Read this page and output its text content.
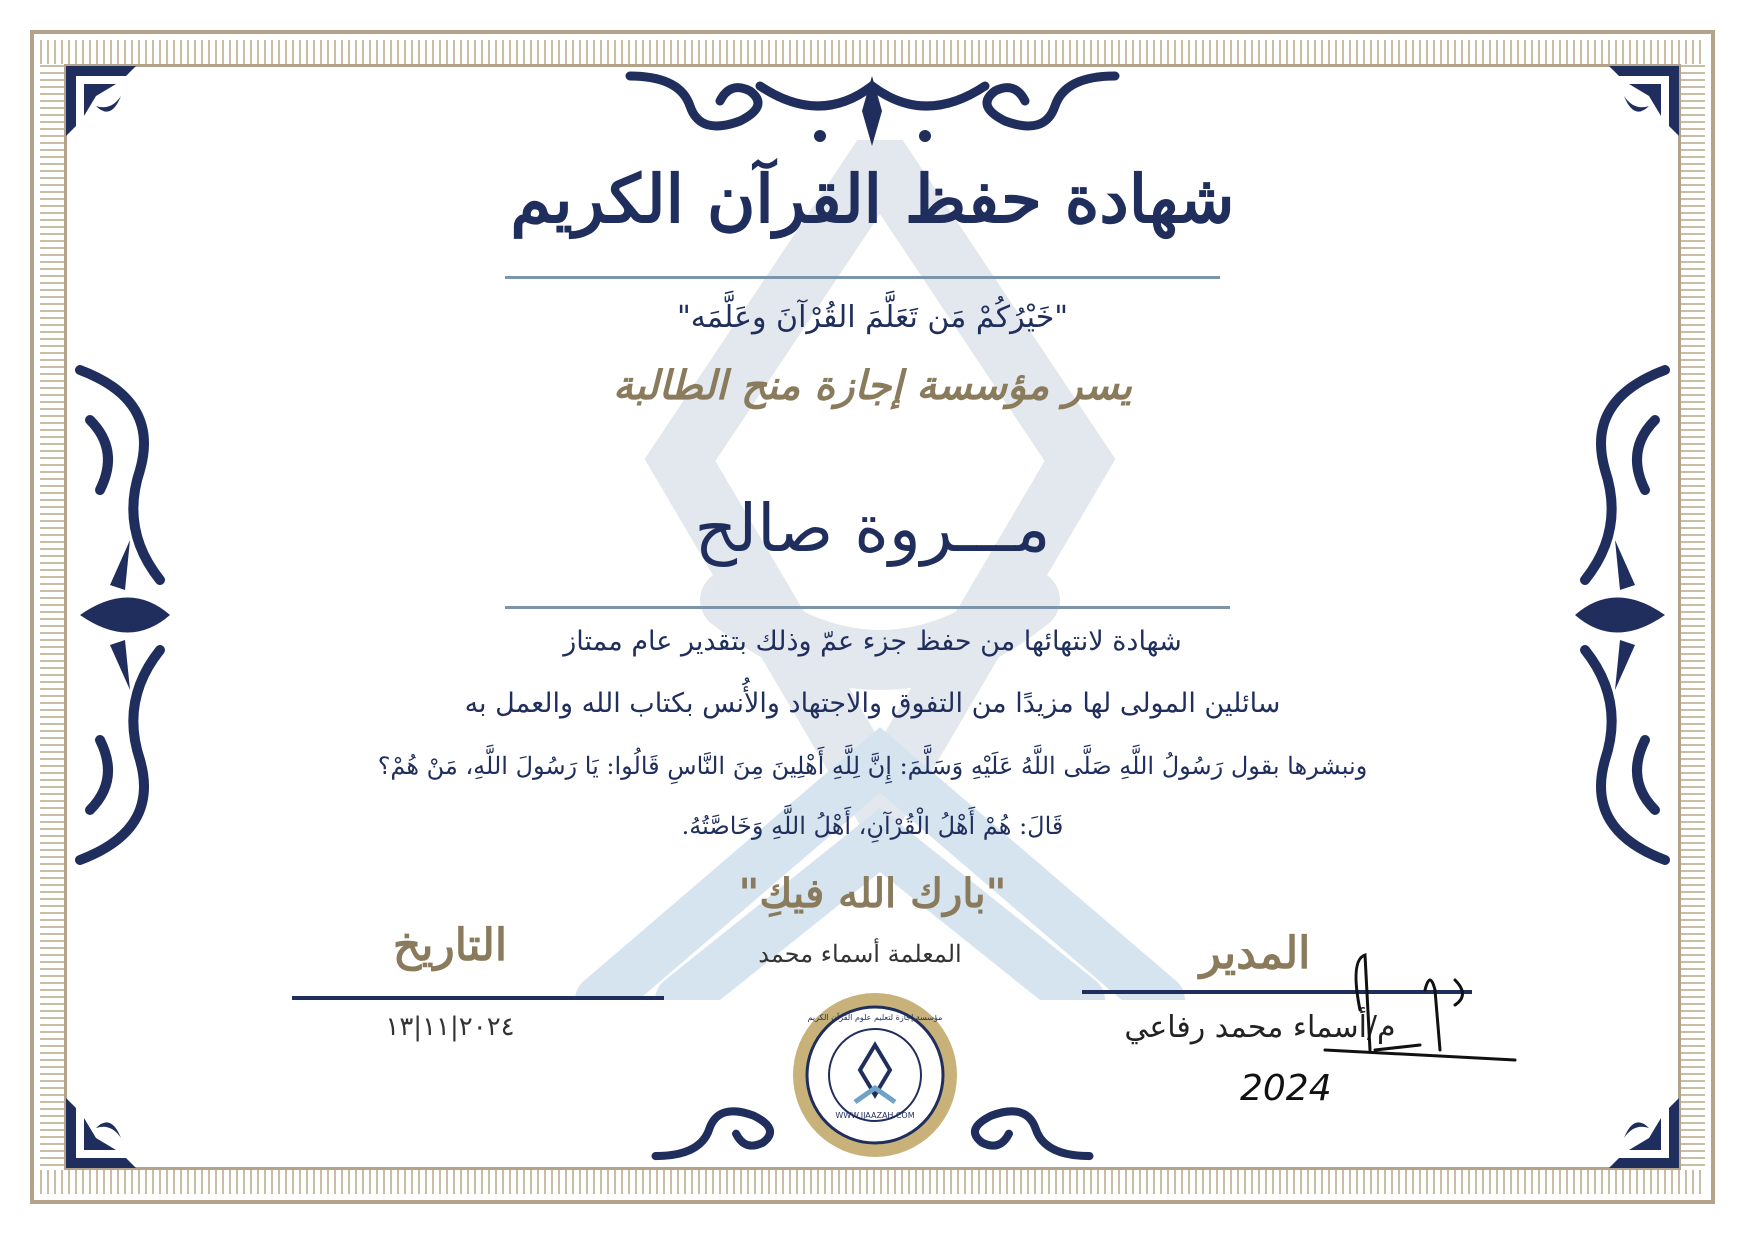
شهادة حفظ القرآن الكريم
"خَيْرُكُمْ مَن تَعَلَّمَ القُرْآنَ وعَلَّمَه"
يسر مؤسسة إجازة منح الطالبة
مـــروة صالح
شهادة لانتهائها من حفظ جزء عمّ وذلك بتقدير عام ممتاز
سائلين المولى لها مزيدًا من التفوق والاجتهاد والأُنس بكتاب الله والعمل به
ونبشرها بقول رَسُولُ اللَّهِ صَلَّى اللَّهُ عَلَيْهِ وَسَلَّمَ: إِنَّ لِلَّهِ أَهْلِينَ مِنَ النَّاسِ قَالُوا: يَا رَسُولَ اللَّهِ، مَنْ هُمْ؟
قَالَ: هُمْ أَهْلُ الْقُرْآنِ، أَهْلُ اللَّهِ وَخَاصَّتُهُ.
"بارك الله فيكِ"
التاريخ	المعلمة أسماء محمد	المدير
٢٠٢٤|١١|١٣	م/أسماء محمد رفاعي
2024
WWW.IJAAZAH.COM
مؤسسة إجازة لتعليم علوم القرآن الكريم
